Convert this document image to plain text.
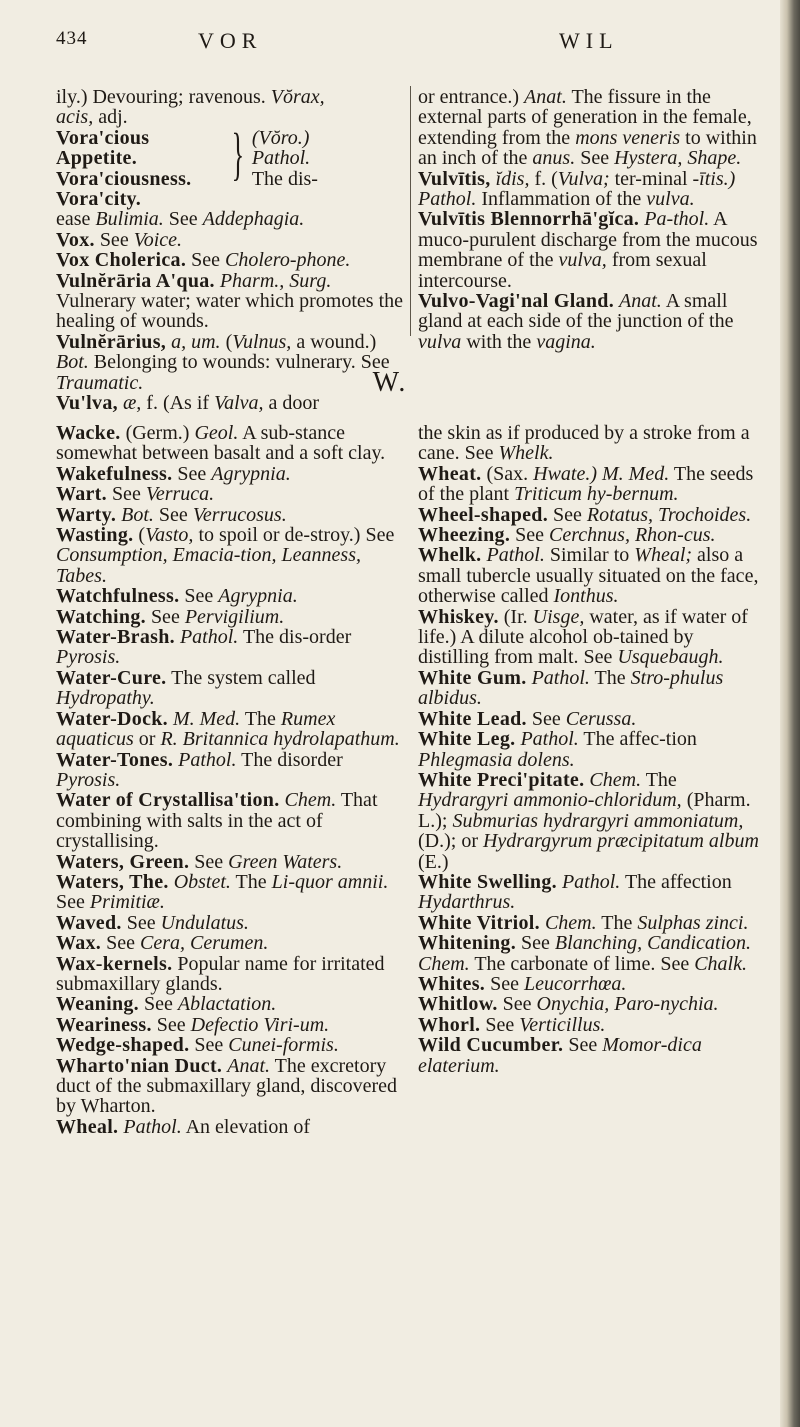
434	VOR	WIL

ily.) Devouring; ravenous. Vŏrax,
acis, adj.

Vora'cious Appetite.
Vora'ciousness.
Vora'city.
} (Vŏro.)
Pathol.
The dis-

ease Bulimia. See Addephagia.

Vox. See Voice.

Vox Cholerica. See Cholero-phone.

Vulnĕrāria A'qua. Pharm., Surg. Vulnerary water; water which promotes the healing of wounds.

Vulnĕrārius, a, um. (Vulnus, a wound.) Bot. Belonging to wounds: vulnerary. See Traumatic.

Vu'lva, æ, f. (As if Valva, a door

or entrance.) Anat. The fissure in the external parts of generation in the female, extending from the mons veneris to within an inch of the anus. See Hystera, Shape.

Vulvītis, ĭdis, f. (Vulva; ter-minal -ītis.) Pathol. Inflammation of the vulva.

Vulvītis Blennorrhā'gĭca. Pa-thol. A muco-purulent discharge from the mucous membrane of the vulva, from sexual intercourse.

Vulvo-Vagi'nal Gland. Anat. A small gland at each side of the junction of the vulva with the vagina.

W.

Wacke. (Germ.) Geol. A sub-stance somewhat between basalt and a soft clay.

Wakefulness. See Agrypnia.

Wart. See Verruca.

Warty. Bot. See Verrucosus.

Wasting. (Vasto, to spoil or de-stroy.) See Consumption, Emacia-tion, Leanness, Tabes.

Watchfulness. See Agrypnia.

Watching. See Pervigilium.

Water-Brash. Pathol. The dis-order Pyrosis.

Water-Cure. The system called Hydropathy.

Water-Dock. M. Med. The Rumex aquaticus or R. Britannica hydrolapathum.

Water-Tones. Pathol. The disorder Pyrosis.

Water of Crystallisa'tion. Chem. That combining with salts in the act of crystallising.

Waters, Green. See Green Waters.

Waters, The. Obstet. The Li-quor amnii. See Primitiæ.

Waved. See Undulatus.

Wax. See Cera, Cerumen.

Wax-kernels. Popular name for irritated submaxillary glands.

Weaning. See Ablactation.

Weariness. See Defectio Viri-um.

Wedge-shaped. See Cunei-formis.

Wharto'nian Duct. Anat. The excretory duct of the submaxillary gland, discovered by Wharton.

Wheal. Pathol. An elevation of

the skin as if produced by a stroke from a cane. See Whelk.

Wheat. (Sax. Hwate.) M. Med. The seeds of the plant Triticum hy-bernum.

Wheel-shaped. See Rotatus, Trochoides.

Wheezing. See Cerchnus, Rhon-cus.

Whelk. Pathol. Similar to Wheal; also a small tubercle usually situated on the face, otherwise called Ionthus.

Whiskey. (Ir. Uisge, water, as if water of life.) A dilute alcohol ob-tained by distilling from malt. See Usquebaugh.

White Gum. Pathol. The Stro-phulus albidus.

White Lead. See Cerussa.

White Leg. Pathol. The affec-tion Phlegmasia dolens.

White Preci'pitate. Chem. The Hydrargyri ammonio-chloridum, (Pharm. L.); Submurias hydrargyri ammoniatum, (D.); or Hydrargyrum præcipitatum album (E.)

White Swelling. Pathol. The affection Hydarthrus.

White Vitriol. Chem. The Sulphas zinci.

Whitening. See Blanching, Candication. Chem. The carbonate of lime. See Chalk.

Whites. See Leucorrhœa.

Whitlow. See Onychia, Paro-nychia.

Whorl. See Verticillus.

Wild Cucumber. See Momor-dica elaterium.
